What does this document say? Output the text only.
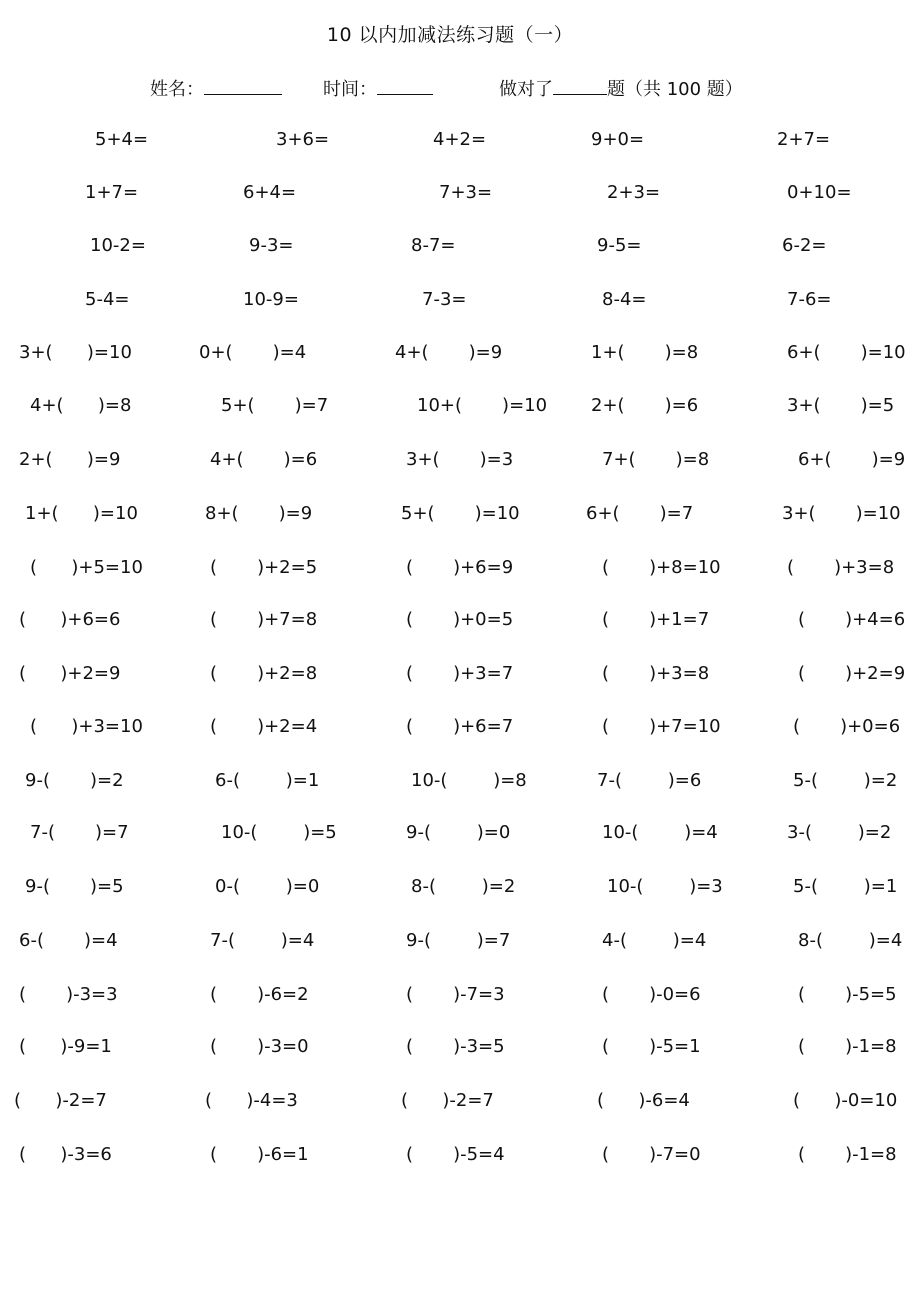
10 以内加减法练习题（一）
姓名：	时间：	做对了	题（共 100 题）
5+4=	3+6=	4+2=	9+0=	2+7=
1+7=	6+4=	7+3=	2+3=	0+10=
10-2=	9-3=	8-7=	9-5=	6-2=
5-4=	10-9=	7-3=	8-4=	7-6=
3+(      )=10	0+(       )=4	4+(       )=9	1+(       )=8	6+(       )=10
4+(      )=8	5+(       )=7	10+(       )=10 2+(       )=6	3+(       )=5
2+(      )=9	4+(       )=6	3+(       )=3	7+(       )=8	6+(       )=9
1+(      )=10	8+(       )=9	5+(       )=10	6+(       )=7	3+(       )=10
(      )+5=10	(       )+2=5	(       )+6=9	(       )+8=10	(       )+3=8
(      )+6=6	(       )+7=8	(       )+0=5	(       )+1=7	(       )+4=6
(      )+2=9	(       )+2=8	(       )+3=7	(       )+3=8	(       )+2=9
(      )+3=10	(       )+2=4	(       )+6=7	(       )+7=10	(       )+0=6
9-(       )=2	6-(        )=1	10-(        )=8	7-(        )=6	5-(        )=2
7-(       )=7	10-(        )=5	9-(        )=0	10-(        )=4	3-(        )=2
9-(       )=5	0-(        )=0	8-(        )=2	10-(        )=3	5-(        )=1
6-(       )=4	7-(        )=4	9-(        )=7	4-(        )=4	8-(        )=4
(       )-3=3	(       )-6=2	(       )-7=3	(       )-0=6	(       )-5=5
(      )-9=1	(       )-3=0	(       )-3=5	(       )-5=1	(       )-1=8
(      )-2=7	(      )-4=3	(      )-2=7	(      )-6=4	(      )-0=10
(      )-3=6	(       )-6=1	(       )-5=4	(       )-7=0	(       )-1=8
